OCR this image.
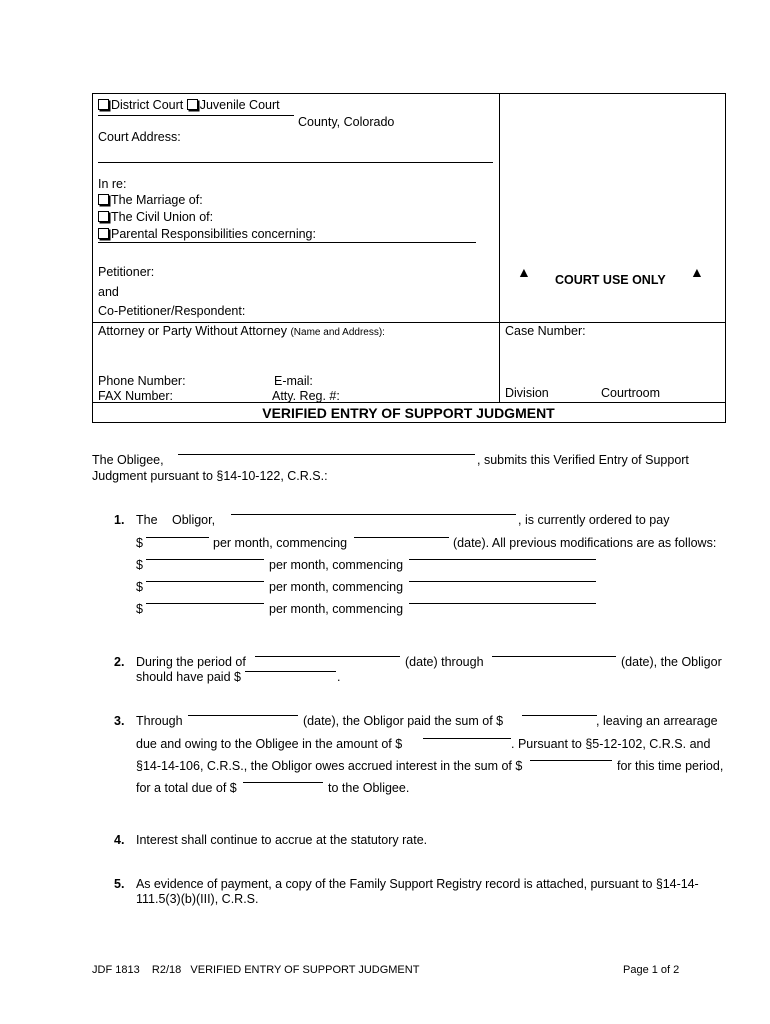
District Court Juvenile Court
County, Colorado
Court Address:
In re:
The Marriage of:
The Civil Union of:
Parental Responsibilities concerning:
Petitioner:
and
Co-Petitioner/Respondent:
Attorney or Party Without Attorney (Name and Address):
Phone Number:	E-mail:
FAX Number:	Atty. Reg. #:
▲ COURT USE ONLY ▲
Case Number:
Division	Courtroom
VERIFIED ENTRY OF SUPPORT JUDGMENT
The Obligee,	, submits this Verified Entry of Support
Judgment pursuant to §14-10-122, C.R.S.:
1. The Obligor,	, is currently ordered to pay
$	per month, commencing	(date). All previous modifications are as follows:
$	per month, commencing
$	per month, commencing
$	per month, commencing
2. During the period of	(date) through	(date), the Obligor
should have paid $	.
3. Through	(date), the Obligor paid the sum of $	, leaving an arrearage
due and owing to the Obligee in the amount of $	. Pursuant to §5-12-102, C.R.S. and
§14-14-106, C.R.S., the Obligor owes accrued interest in the sum of $	for this time period,
for a total due of $	to the Obligee.
4. Interest shall continue to accrue at the statutory rate.
5. As evidence of payment, a copy of the Family Support Registry record is attached, pursuant to §14-14-
111.5(3)(b)(III), C.R.S.
JDF 1813    R2/18   VERIFIED ENTRY OF SUPPORT JUDGMENT	Page 1 of 2
